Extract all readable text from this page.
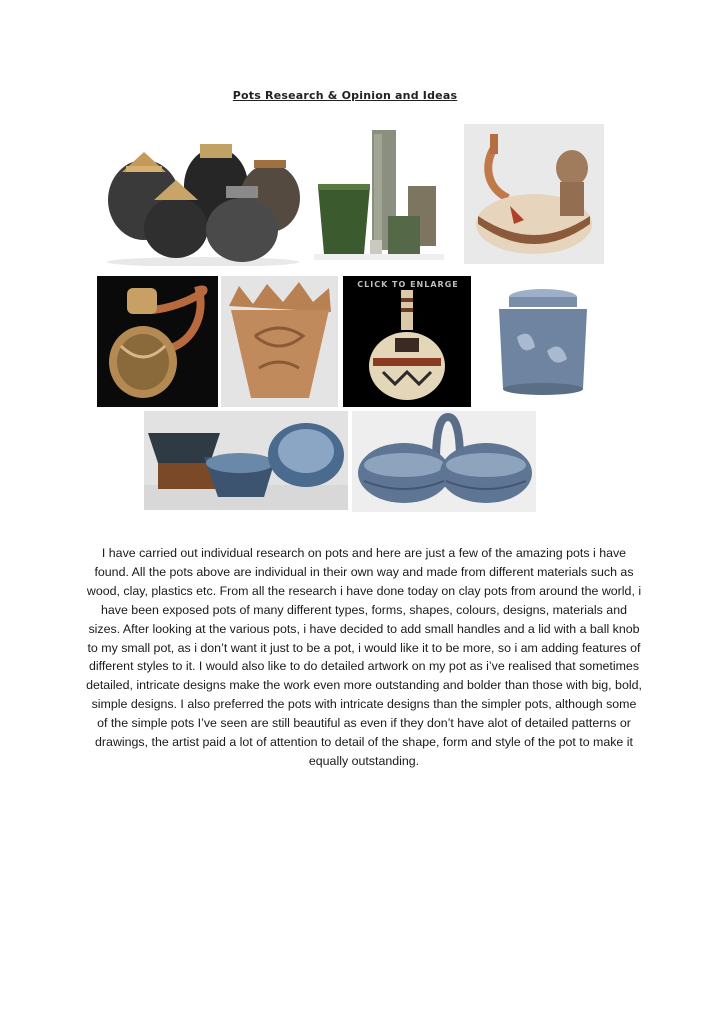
Pots Research & Opinion and Ideas
CLICK TO ENLARGE

I have carried out individual research on pots and here are just a few of the amazing pots i have found. All the pots above are individual in their own way and made from different materials such as wood, clay, plastics etc. From all the research i have done today on clay pots from around the world, i have been exposed pots of many different types, forms, shapes, colours, designs, materials and sizes. After looking at the various pots, i have decided to add small handles and a lid with a ball knob to my small pot, as i don’t want it just to be a pot, i would like it to be more, so i am adding features of different styles to it. I would also like to do detailed artwork on my pot as i’ve realised that sometimes detailed, intricate designs make the work even more outstanding and bolder than those with big, bold, simple designs. I also preferred the pots with intricate designs than the simpler pots, although some of the simple pots I’ve seen are still beautiful as even if they don’t have alot of detailed patterns or drawings, the artist paid a lot of attention to detail of the shape, form and style of the pot to make it equally outstanding.
